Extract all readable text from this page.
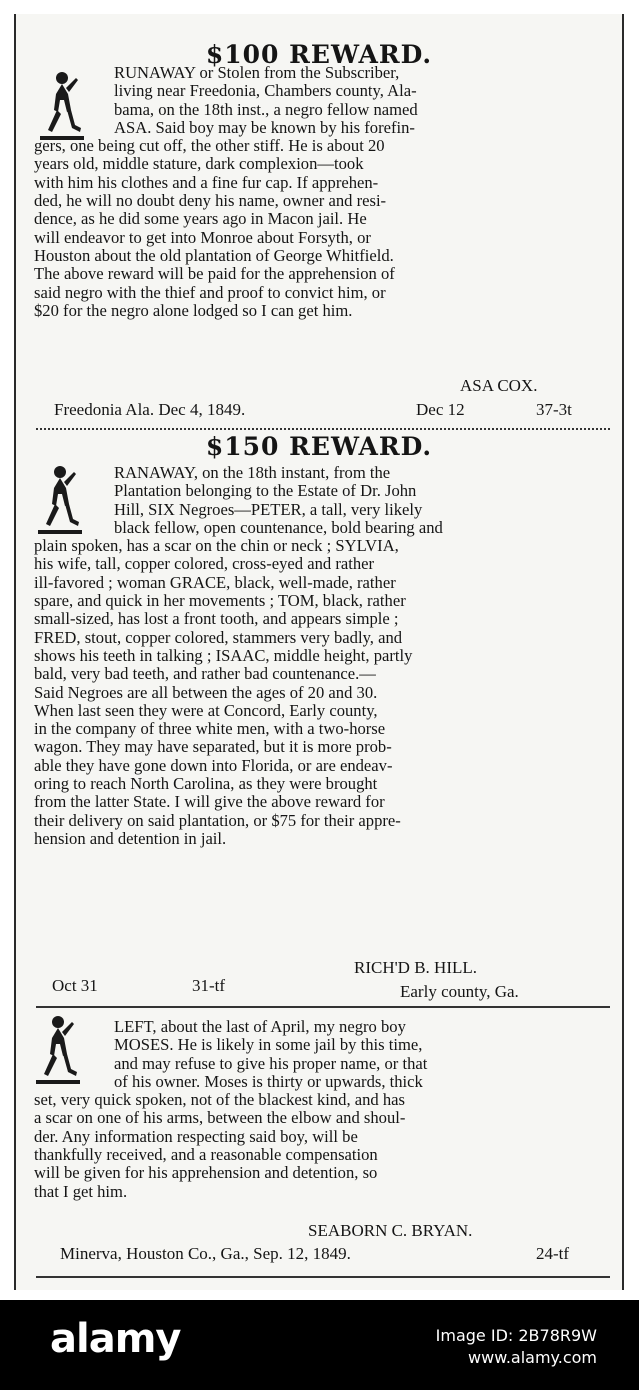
$100 REWARD.
RUNAWAY or Stolen from the Subscriber,
living near Freedonia, Chambers county, Ala-
bama, on the 18th inst., a negro fellow named
ASA. Said boy may be known by his forefin-
gers, one being cut off, the other stiff. He is about 20
years old, middle stature, dark complexion—took
with him his clothes and a fine fur cap. If apprehen-
ded, he will no doubt deny his name, owner and resi-
dence, as he did some years ago in Macon jail. He
will endeavor to get into Monroe about Forsyth, or
Houston about the old plantation of George Whitfield.
The above reward will be paid for the apprehension of
said negro with the thief and proof to convict him, or
$20 for the negro alone lodged so I can get him.
ASA COX.
Freedonia Ala. Dec 4, 1849.	Dec 12	37-3t
$150 REWARD.
RANAWAY, on the 18th instant, from the
Plantation belonging to the Estate of Dr. John
Hill, SIX Negroes—PETER, a tall, very likely
black fellow, open countenance, bold bearing and
plain spoken, has a scar on the chin or neck ; SYLVIA,
his wife, tall, copper colored, cross-eyed and rather
ill-favored ; woman GRACE, black, well-made, rather
spare, and quick in her movements ; TOM, black, rather
small-sized, has lost a front tooth, and appears simple ;
FRED, stout, copper colored, stammers very badly, and
shows his teeth in talking ; ISAAC, middle height, partly
bald, very bad teeth, and rather bad countenance.—
Said Negroes are all between the ages of 20 and 30.
When last seen they were at Concord, Early county,
in the company of three white men, with a two-horse
wagon. They may have separated, but it is more prob-
able they have gone down into Florida, or are endeav-
oring to reach North Carolina, as they were brought
from the latter State. I will give the above reward for
their delivery on said plantation, or $75 for their appre-
hension and detention in jail.
RICH'D B. HILL.
Oct 31	31-tf	Early county, Ga.
LEFT, about the last of April, my negro boy
MOSES. He is likely in some jail by this time,
and may refuse to give his proper name, or that
of his owner. Moses is thirty or upwards, thick
set, very quick spoken, not of the blackest kind, and has
a scar on one of his arms, between the elbow and shoul-
der. Any information respecting said boy, will be
thankfully received, and a reasonable compensation
will be given for his apprehension and detention, so
that I get him.
SEABORN C. BRYAN.
Minerva, Houston Co., Ga., Sep. 12, 1849.	24-tf
alamy	Image ID: 2B78R9W
www.alamy.com
